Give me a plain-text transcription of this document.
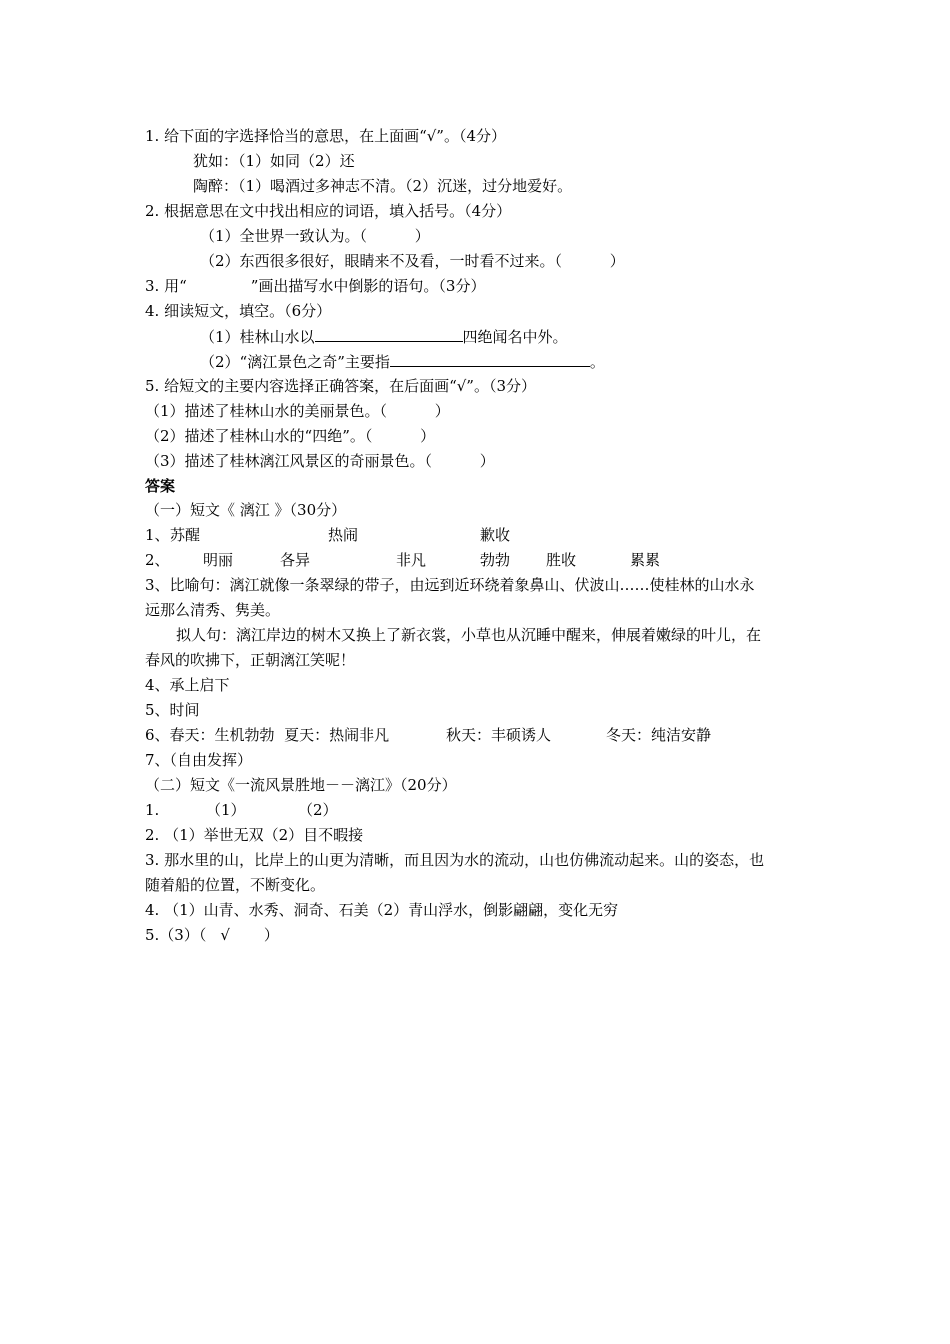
1. 给下面的字选择恰当的意思，在上面画“√”。（4分）
犹如：（1）如同（2）还
陶醉：（1）喝酒过多神志不清。（2）沉迷，过分地爱好。
2. 根据意思在文中找出相应的词语，填入括号。（4分）
（1）全世界一致认为。（          ）
（2）东西很多很好，眼睛来不及看，一时看不过来。（          ）
3. 用“	”画出描写水中倒影的语句。（3分）
4. 细读短文，填空。（6分）
（1）桂林山水以	四绝闻名中外。
（2）“漓江景色之奇”主要指	。
5. 给短文的主要内容选择正确答案，在后面画“√”。（3分）
（1）描述了桂林山水的美丽景色。（          ）
（2）描述了桂林山水的“四绝”。（          ）
（3）描述了桂林漓江风景区的奇丽景色。（          ）
答案
（一）短文《 漓江 》（30分）
1、 苏醒	热闹	歉收
2、 明丽	各异	非凡	勃勃 胜收	累累
3、比喻句：漓江就像一条翠绿的带子，由远到近环绕着象鼻山、伏波山……使桂林的山水永
远那么清秀、隽美。
拟人句：漓江岸边的树木又换上了新衣裳，小草也从沉睡中醒来，伸展着嫩绿的叶儿，在
春风的吹拂下，正朝漓江笑呢！
4、承上启下
5、时间
6、春天：生机勃勃  夏天：热闹非凡	秋天：丰硕诱人	冬天：纯洁安静
7、（自由发挥）
（二）短文《一流风景胜地－－漓江》（20分）
1.	（1）	（2）
2. （1）举世无双（2）目不暇接
3. 那水里的山，比岸上的山更为清晰，而且因为水的流动，山也仿佛流动起来。山的姿态，也
随着船的位置，不断变化。
4. （1）山青、水秀、洞奇、石美（2）青山浮水，倒影翩翩，变化无穷
5.（3）（ √ ）
